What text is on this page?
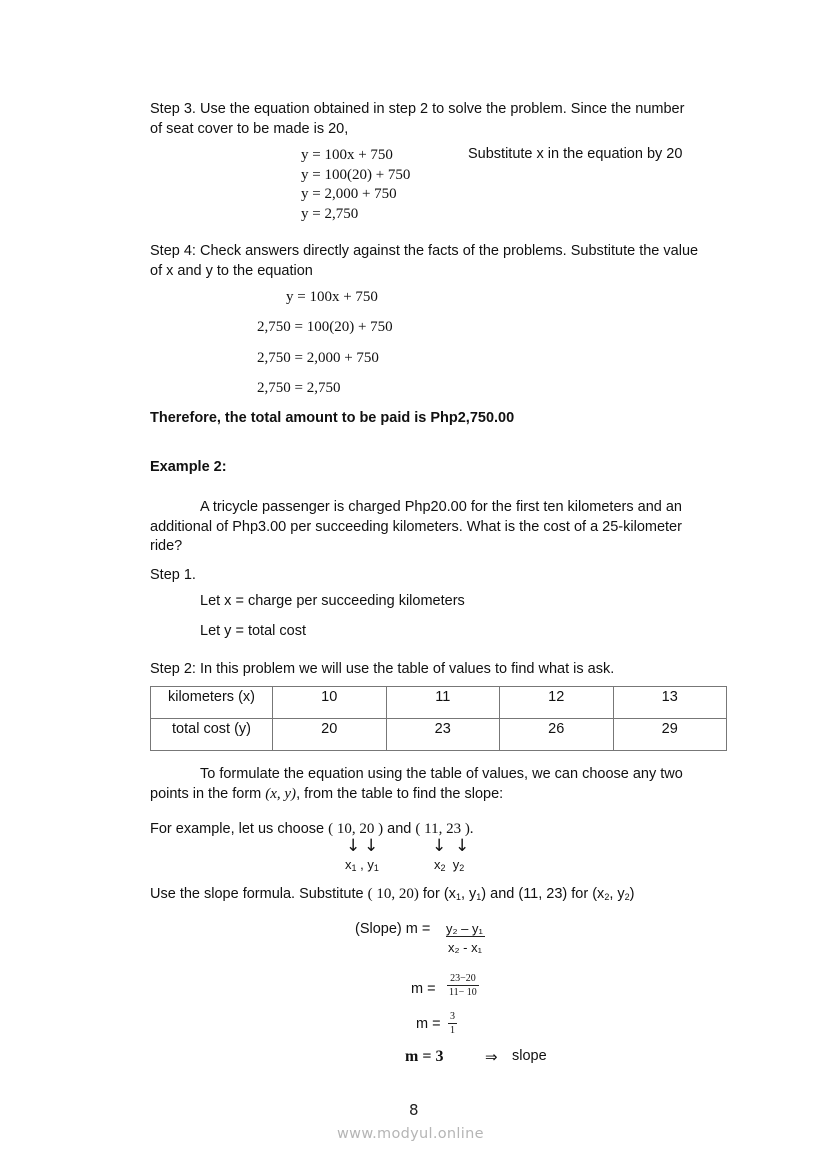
Step 3. Use the equation obtained in step 2 to solve the problem. Since the number
of seat cover to be made is 20,
y = 100x + 750
y = 100(20) + 750
y = 2,000 + 750
y = 2,750
Substitute x in the equation by 20
Step 4: Check answers directly against the facts of the problems. Substitute the value
of x and y to the equation
y = 100x + 750
2,750 = 100(20) + 750
2,750 = 2,000 + 750
2,750 = 2,750
Therefore, the total amount to be paid is Php2,750.00
Example 2:
A tricycle passenger is charged Php20.00 for the first ten kilometers and an
additional of Php3.00 per succeeding kilometers. What is the cost of a 25-kilometer
ride?
Step 1.
Let x = charge per succeeding kilometers
Let y = total cost
Step 2: In this problem we will use the table of values to find what is ask.
kilometers (x)	10	11	12	13
total cost (y)	20	23	26	29
To formulate the equation using the table of values, we can choose any two
points in the form (x, y), from the table to find the slope:
For example, let us choose ( 10, 20 ) and ( 11, 23 ).
↓ ↓	↓ ↓
$x_1$ , $y_1$	$x_2$ $y_2$
Use the slope formula. Substitute ( 10, 20) for ($x_1$, $y_1$) and (11, 23) for ($x_2$, $y_2$)
(Slope) m = y₂ – y₁
x₂ - x₁
$m = \frac{23-20}{11- 10}$
$m = \frac{3}{1}$
m = 3	⇒ slope
8
www.modyul.online
